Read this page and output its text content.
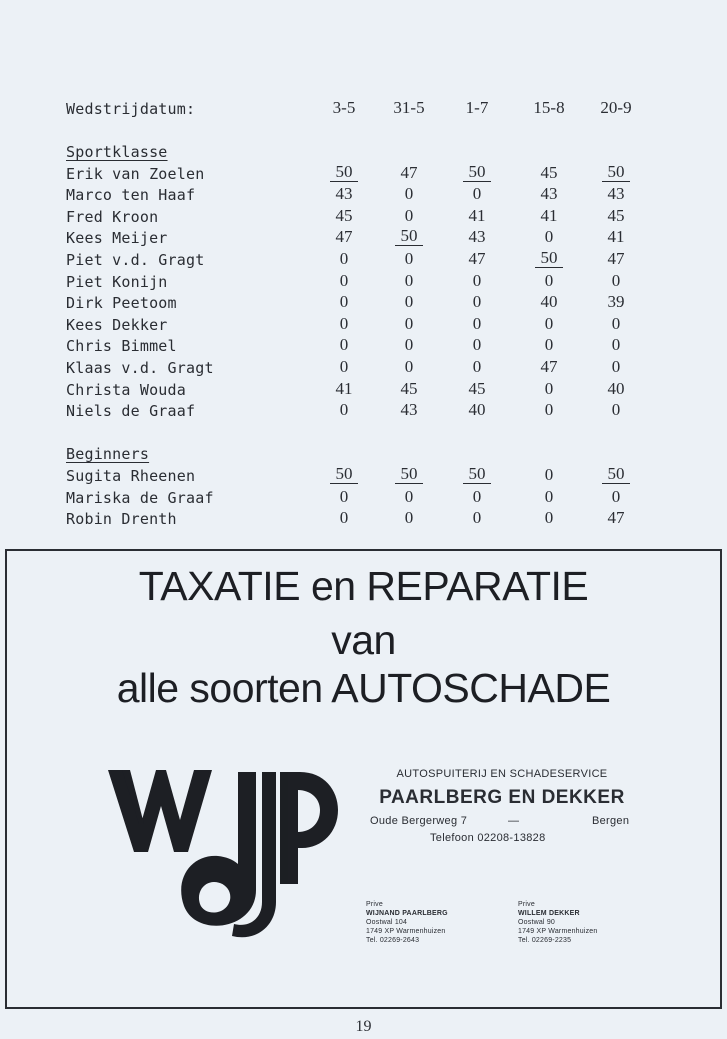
Wedstrijdatum:	3-5	31-5	1-7	15-8	20-9
Sportklasse
Erik van Zoelen	50	47	50	45	50
Marco ten Haaf	43	0	0	43	43
Fred Kroon	45	0	41	41	45
Kees Meijer	47	50	43	0	41
Piet v.d. Gragt	0	0	47	50	47
Piet Konijn	0	0	0	0	0
Dirk Peetoom	0	0	0	40	39
Kees Dekker	0	0	0	0	0
Chris Bimmel	0	0	0	0	0
Klaas v.d. Gragt	0	0	0	47	0
Christa Wouda	41	45	45	0	40
Niels de Graaf	0	43	40	0	0
Beginners
Sugita Rheenen	50	50	50	0	50
Mariska de Graaf	0	0	0	0	0
Robin Drenth	0	0	0	0	47
TAXATIE en REPARATIE
van
alle soorten AUTOSCHADE
AUTOSPUITERIJ EN SCHADESERVICE
PAARLBERG EN DEKKER
Oude Bergerweg 7	—	Bergen
Telefoon 02208-13828
Prive
WIJNAND PAARLBERG
Oostwal 104
1749 XP Warmenhuizen
Tel. 02269-2643
Prive
WILLEM DEKKER
Oostwal 90
1749 XP Warmenhuizen
Tel. 02269-2235
19
